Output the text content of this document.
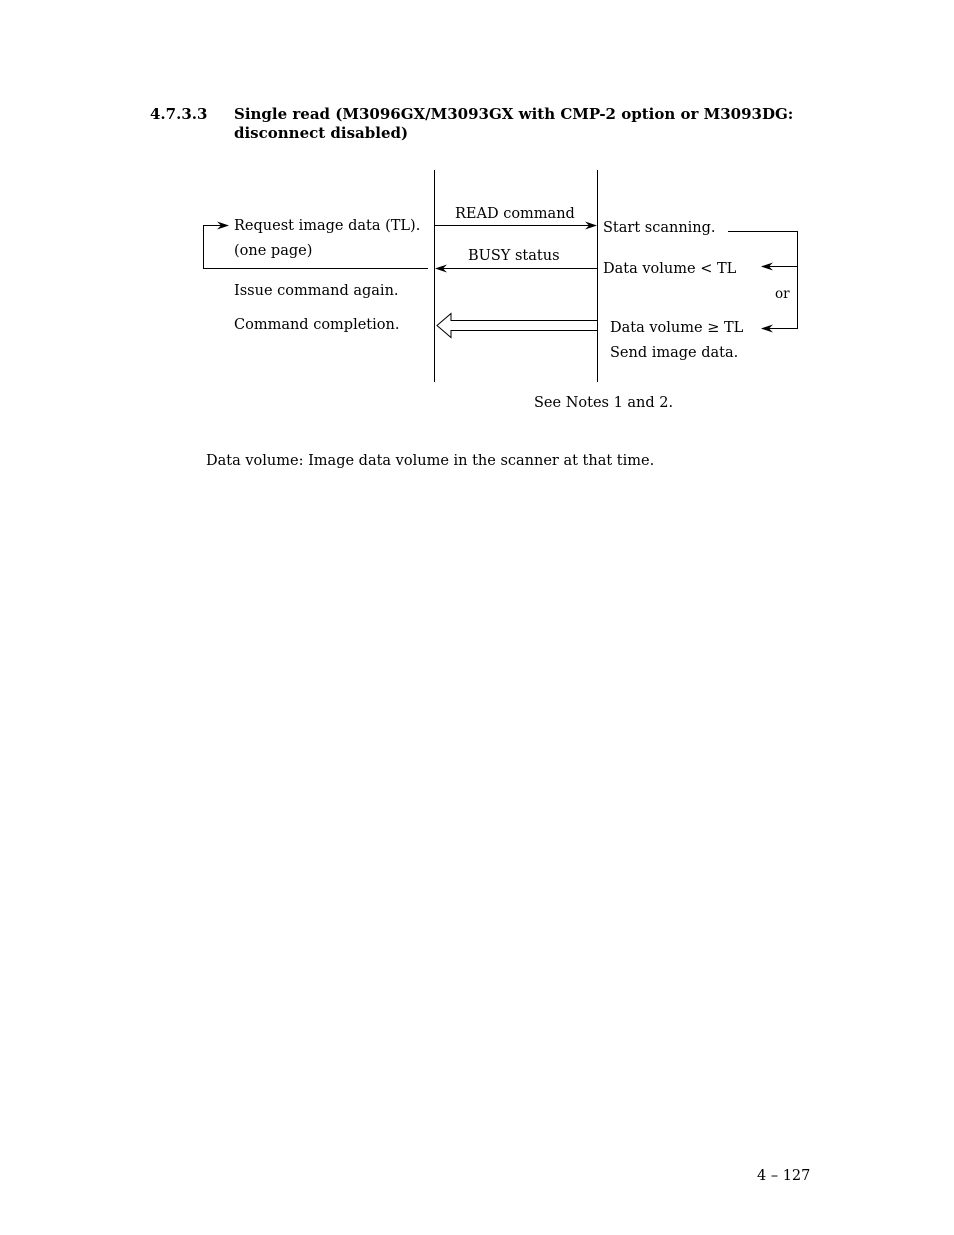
4.7.3.3 Single read (M3096GX/M3093GX with CMP-2 option or M3093DG:
disconnect disabled)
Request image data (TL).
(one page)
Issue command again.
Command completion.
READ command
BUSY status
Start scanning.
Data volume < TL
or
Data volume ≥ TL
Send image data.
See Notes 1 and 2.
Data volume: Image data volume in the scanner at that time.
4 – 127
